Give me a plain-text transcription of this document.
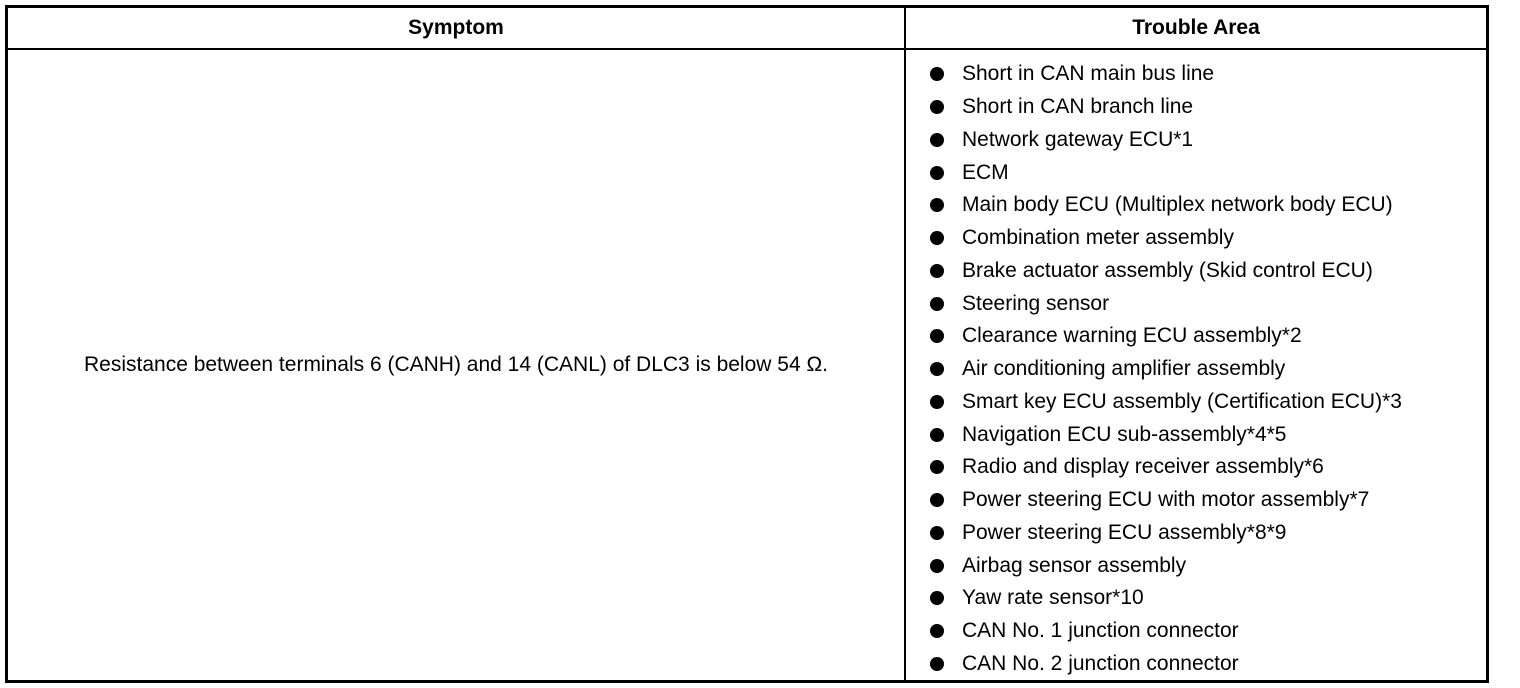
Symptom	Trouble Area
Resistance between terminals 6 (CANH) and 14 (CANL) of DLC3 is below 54 Ω.
Short in CAN main bus line
Short in CAN branch line
Network gateway ECU*1
ECM
Main body ECU (Multiplex network body ECU)
Combination meter assembly
Brake actuator assembly (Skid control ECU)
Steering sensor
Clearance warning ECU assembly*2
Air conditioning amplifier assembly
Smart key ECU assembly (Certification ECU)*3
Navigation ECU sub-assembly*4*5
Radio and display receiver assembly*6
Power steering ECU with motor assembly*7
Power steering ECU assembly*8*9
Airbag sensor assembly
Yaw rate sensor*10
CAN No. 1 junction connector
CAN No. 2 junction connector
